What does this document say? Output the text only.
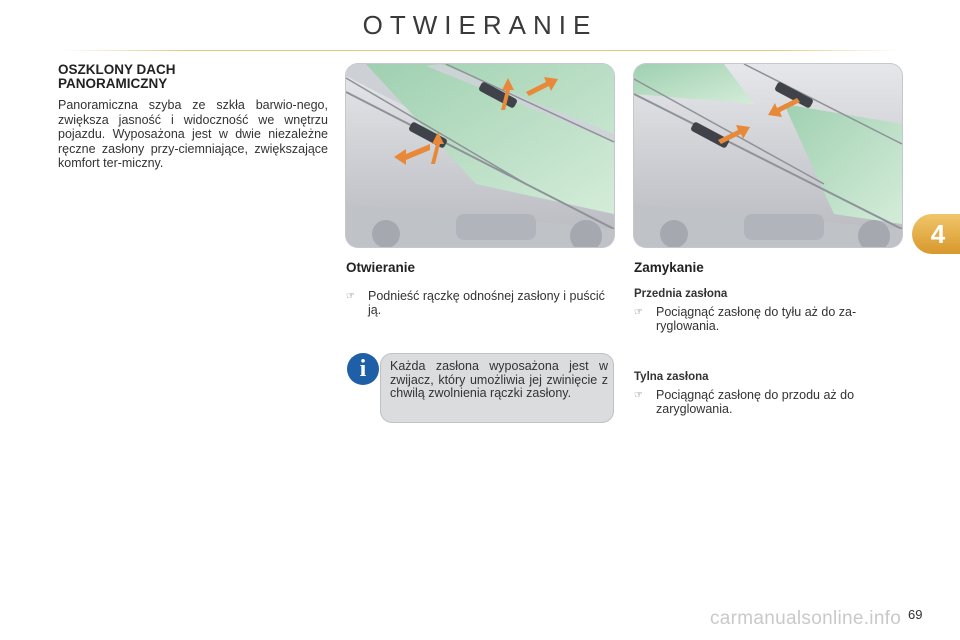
OTWIERANIE
4
OSZKLONY DACH
PANORAMICZNY
Panoramiczna szyba ze szkła barwio-nego, zwiększa jasność i widoczność we wnętrzu pojazdu. Wyposażona jest w dwie niezależne ręczne zasłony przy-ciemniające, zwiększające komfort ter-miczny.
Otwieranie
☞	Podnieść rączkę odnośnej zasłony i puścić ją.
i	Każda zasłona wyposażona jest w zwijacz, który umożliwia jej zwinięcie z chwilą zwolnienia rączki zasłony.
Zamykanie
Przednia zasłona
☞	Pociągnąć zasłonę do tyłu aż do za-ryglowania.
Tylna zasłona
☞	Pociągnąć zasłonę do przodu aż do zaryglowania.
carmanualsonline.info 69
